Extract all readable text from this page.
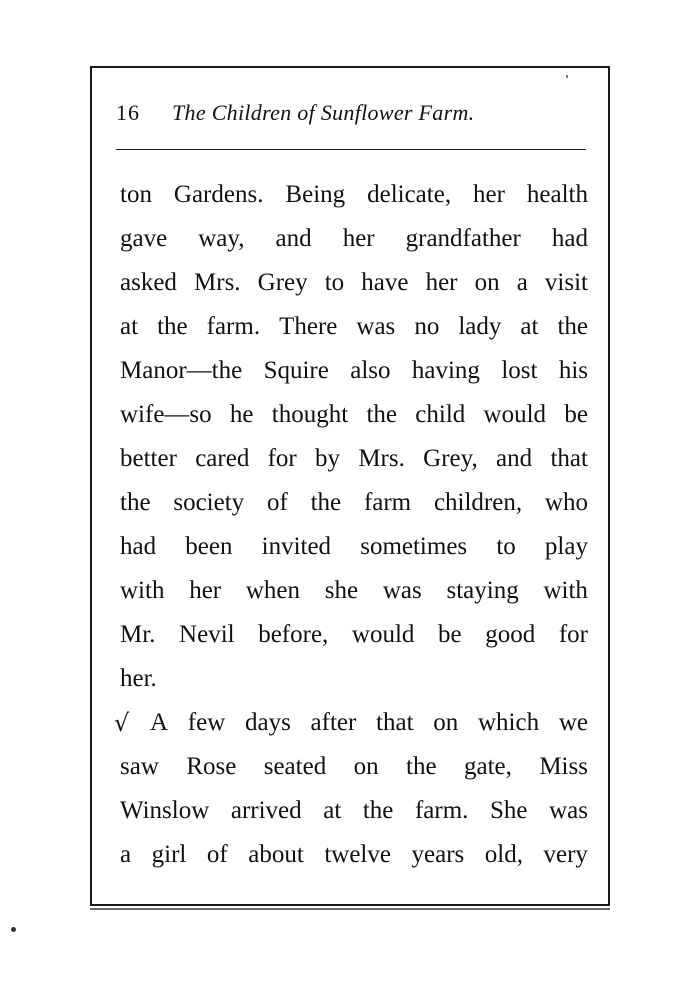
16 The Children of Sunflower Farm.
ton Gardens. Being delicate, her health
gave way, and her grandfather had
asked Mrs. Grey to have her on a visit
at the farm. There was no lady at the
Manor—the Squire also having lost his
wife—so he thought the child would be
better cared for by Mrs. Grey, and that
the society of the farm children, who
had been invited sometimes to play
with her when she was staying with
Mr. Nevil before, would be good for
her.
√ A few days after that on which we
saw Rose seated on the gate, Miss
Winslow arrived at the farm. She was
a girl of about twelve years old, very
